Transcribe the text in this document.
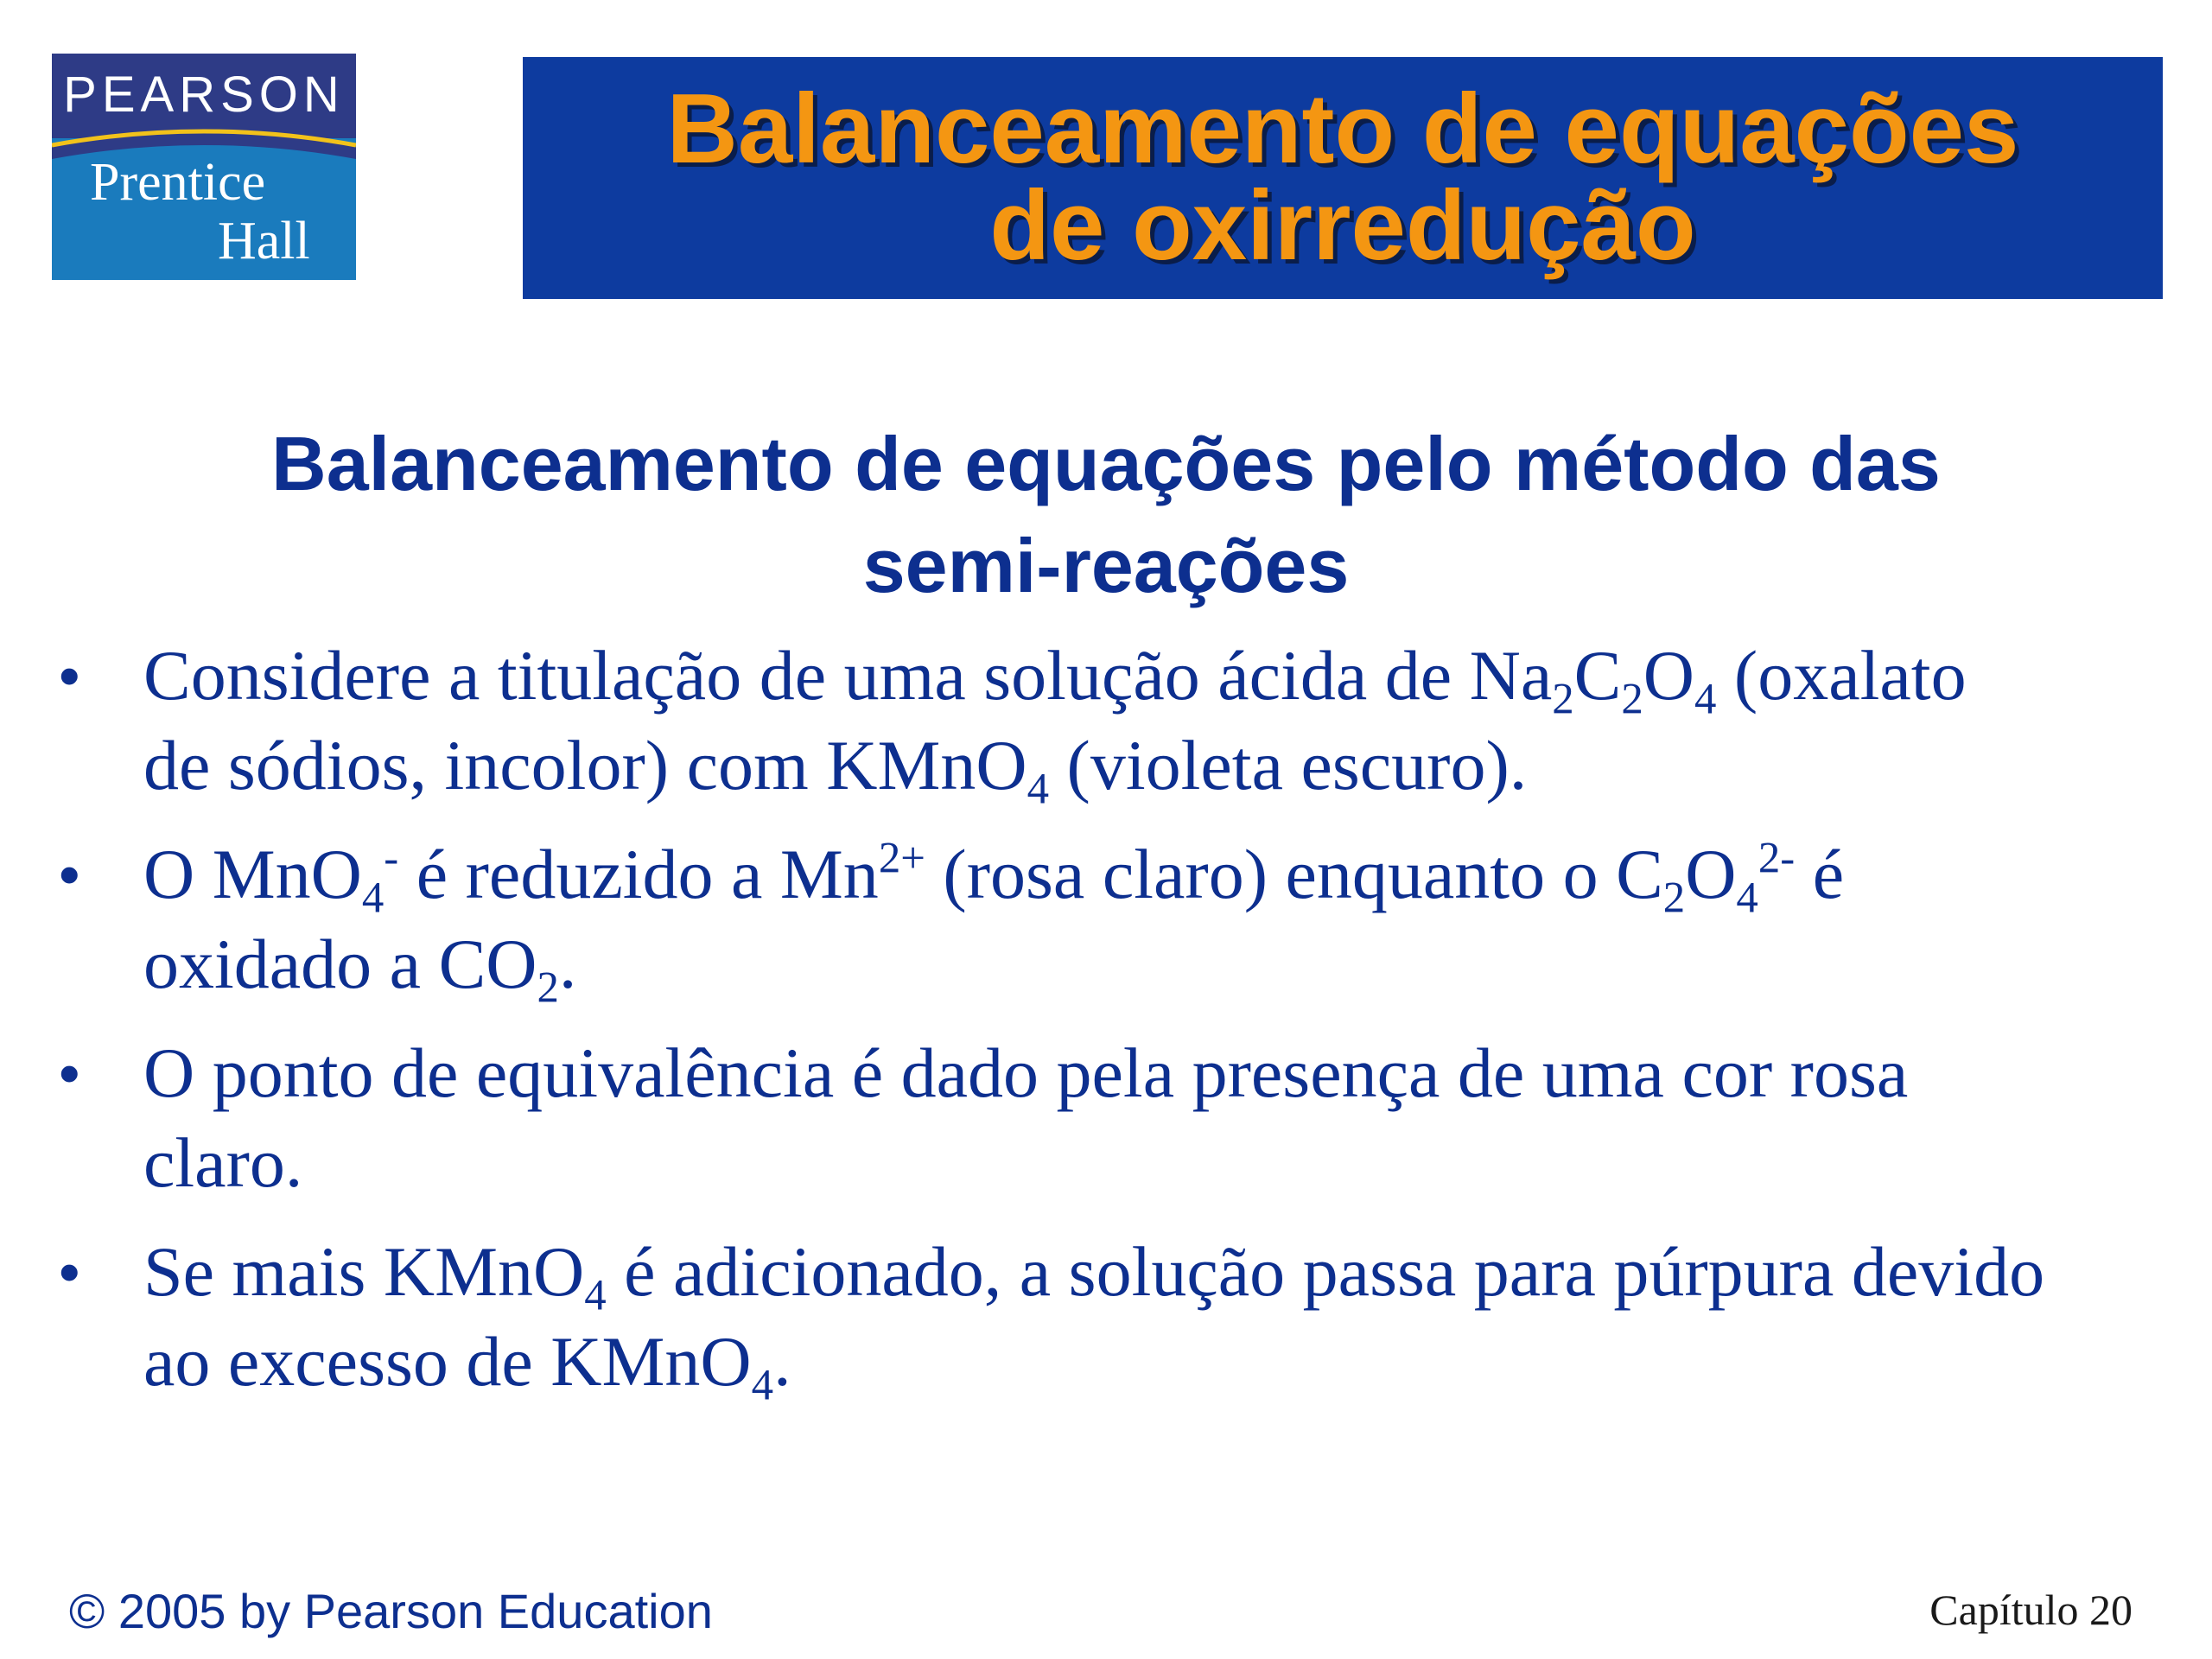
PEARSON
Prentice
Hall
Balanceamento de equações
de oxirredução
Balanceamento de equações pelo método das
semi-reações
• Considere a titulação de uma solução ácida de $Na_2C_2O_4$ (oxalato
de sódios, incolor) com KMnO$_4$ (violeta escuro).
• O MnO$_4$- é reduzido a $Mn^{2+}$ (rosa claro) enquanto o $C_2O_4^{2-}$ é
oxidado a $CO_2$.
• O ponto de equivalência é dado pela presença de uma cor rosa
claro.
• Se mais KMnO$_4$ é adicionado, a solução passa para púrpura devido
ao excesso de KMnO$_4$.
© 2005 by Pearson Education	Capítulo 20
